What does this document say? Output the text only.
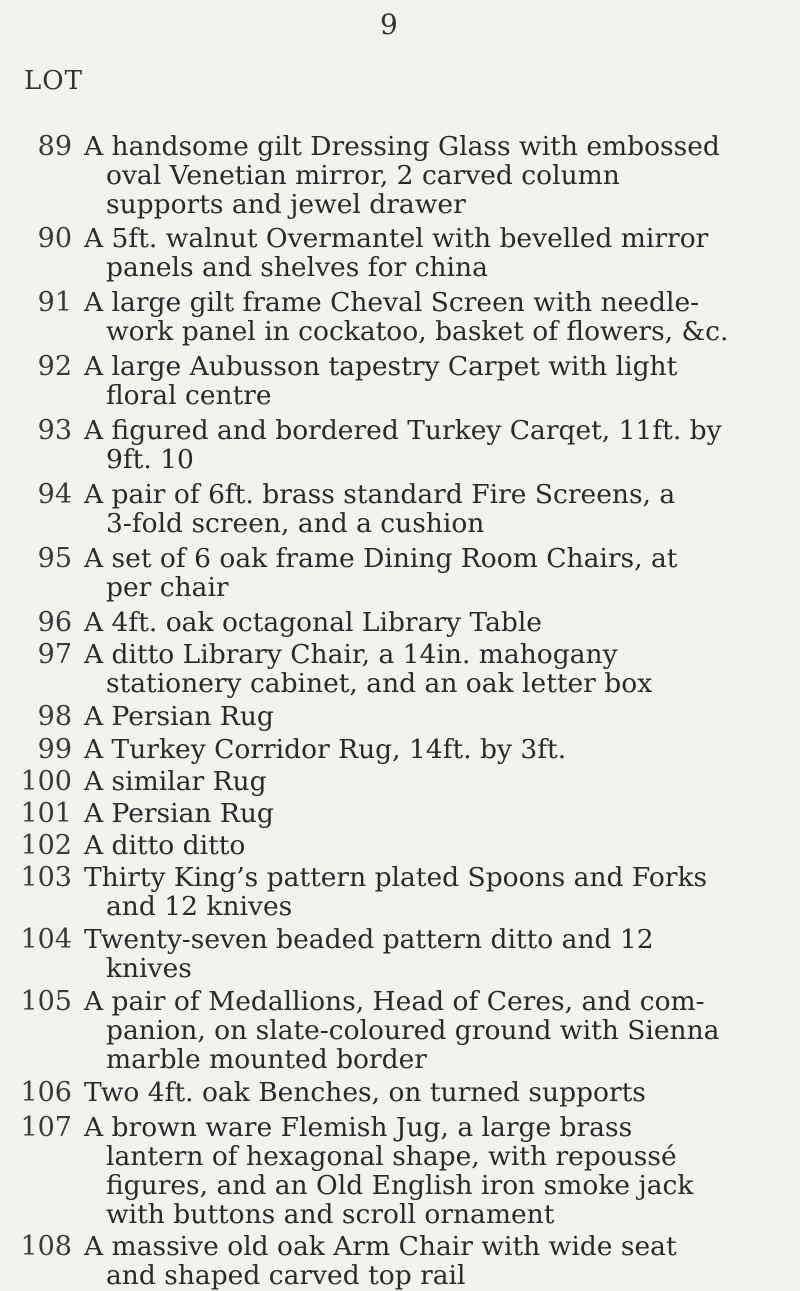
9
LOT
89 A handsome gilt Dressing Glass with embossed
oval Venetian mirror, 2 carved column
supports and jewel drawer
90 A 5ft. walnut Overmantel with bevelled mirror
panels and shelves for china
91 A large gilt frame Cheval Screen with needle-
work panel in cockatoo, basket of flowers, &c.
92 A large Aubusson tapestry Carpet with light
floral centre
93 A figured and bordered Turkey Carqet, 11ft. by
9ft. 10
94 A pair of 6ft. brass standard Fire Screens, a
3-fold screen, and a cushion
95 A set of 6 oak frame Dining Room Chairs, at
per chair
96 A 4ft. oak octagonal Library Table
97 A ditto Library Chair, a 14in. mahogany
stationery cabinet, and an oak letter box
98 A Persian Rug
99 A Turkey Corridor Rug, 14ft. by 3ft.
100 A similar Rug
101 A Persian Rug
102 A ditto ditto
103 Thirty King’s pattern plated Spoons and Forks
and 12 knives
104 Twenty-seven beaded pattern ditto and 12
knives
105 A pair of Medallions, Head of Ceres, and com-
panion, on slate-coloured ground with Sienna
marble mounted border
106 Two 4ft. oak Benches, on turned supports
107 A brown ware Flemish Jug, a large brass
lantern of hexagonal shape, with repoussé
figures, and an Old English iron smoke jack
with buttons and scroll ornament
108 A massive old oak Arm Chair with wide seat
and shaped carved top rail
